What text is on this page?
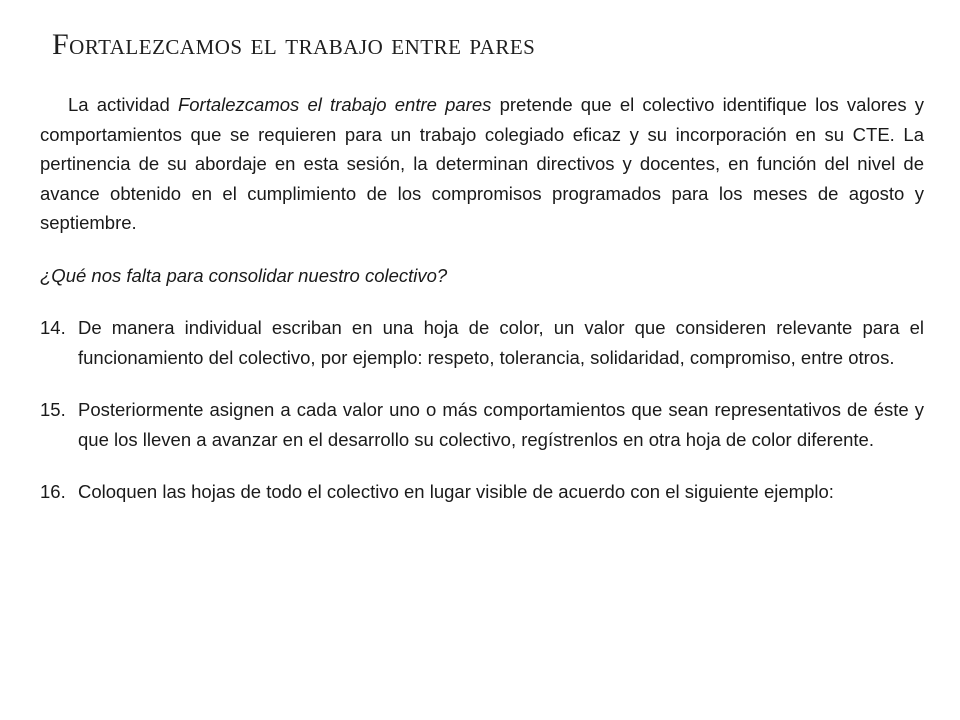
Fortalezcamos el trabajo entre pares

La actividad Fortalezcamos el trabajo entre pares pretende que el colectivo identifique los valores y comportamientos que se requieren para un trabajo colegiado eficaz y su incorporación en su CTE. La pertinencia de su abordaje en esta sesión, la determinan directivos y docentes, en función del nivel de avance obtenido en el cumplimiento de los compromisos programados para los meses de agosto y septiembre.

¿Qué nos falta para consolidar nuestro colectivo?

14. De manera individual escriban en una hoja de color, un valor que consideren relevante para el funcionamiento del colectivo, por ejemplo: respeto, tolerancia, solidaridad, compromiso, entre otros.
15. Posteriormente asignen a cada valor uno o más comportamientos que sean representativos de éste y que los lleven a avanzar en el desarrollo su colectivo, regístrenlos en otra hoja de color diferente.
16. Coloquen las hojas de todo el colectivo en lugar visible de acuerdo con el siguiente ejemplo:
